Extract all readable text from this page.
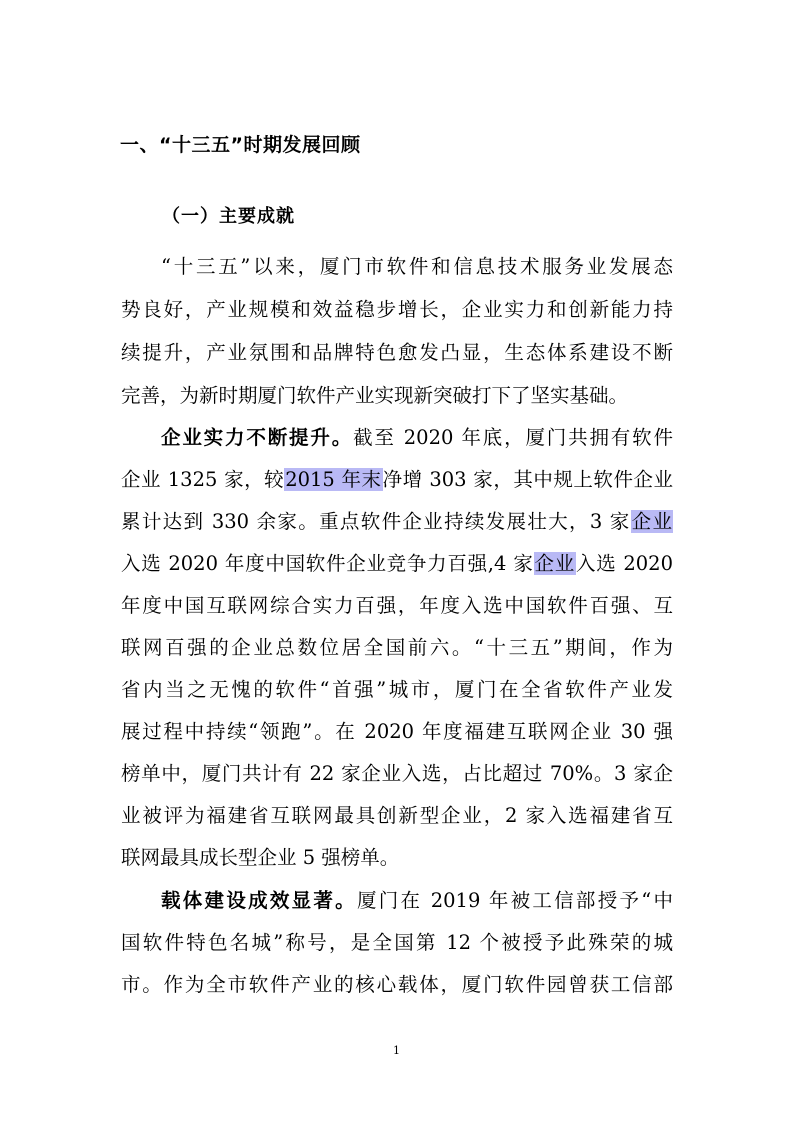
一、“十三五”时期发展回顾
（一）主要成就
“十三五”以来，厦门市软件和信息技术服务业发展态
势良好，产业规模和效益稳步增长，企业实力和创新能力持
续提升，产业氛围和品牌特色愈发凸显，生态体系建设不断
完善，为新时期厦门软件产业实现新突破打下了坚实基础。
企业实力不断提升。截至 2020 年底，厦门共拥有软件
企业 1325 家，较2015 年末净增 303 家，其中规上软件企业
累计达到 330 余家。重点软件企业持续发展壮大，3 家企业
入选 2020 年度中国软件企业竞争力百强,4 家企业入选 2020
年度中国互联网综合实力百强，年度入选中国软件百强、互
联网百强的企业总数位居全国前六。“十三五”期间，作为
省内当之无愧的软件“首强”城市，厦门在全省软件产业发
展过程中持续“领跑”。在 2020 年度福建互联网企业 30 强
榜单中，厦门共计有 22 家企业入选，占比超过 70%。3 家企
业被评为福建省互联网最具创新型企业，2 家入选福建省互
联网最具成长型企业 5 强榜单。
载体建设成效显著。厦门在 2019 年被工信部授予“中
国软件特色名城”称号，是全国第 12 个被授予此殊荣的城
市。作为全市软件产业的核心载体，厦门软件园曾获工信部
1
